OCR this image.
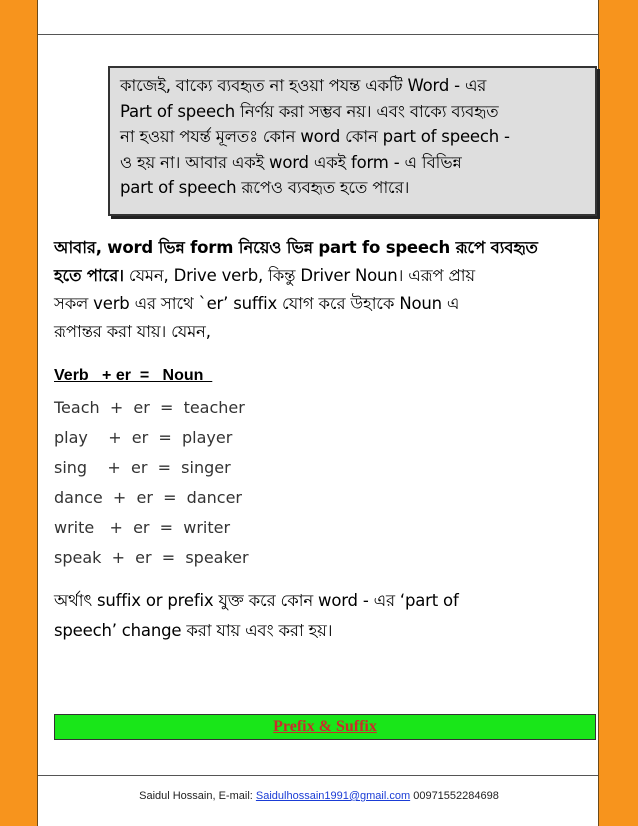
কাজেই, বাক্যে ব্যবহৃত না হওয়া পযন্ত একটি Word - এর

Part of speech নির্ণয় করা সম্ভব নয়। এবং বাক্যে ব্যবহৃত

না হওয়া পযর্ন্ত মূলতঃ কোন word কোন part of speech -

ও হয় না। আবার একই word একই form - এ বিভিন্ন

part of speech রূপেও ব্যবহৃত হতে পারে।

আবার, word ভিন্ন form নিয়েও ভিন্ন part fo speech রূপে ব্যবহৃত

হতে পারে। যেমন, Drive verb, কিন্তু Driver Noun। এরূপ প্রায়

সকল verb এর সাথে `er’ suffix যোগ করে উহাকে Noun এ

রূপান্তর করা যায়। যেমন,

Verb   + er  =   Noun

Teach  +  er  =  teacher
play    +  er  =  player
sing    +  er  =  singer
dance  +  er  =  dancer
write   +  er  =  writer
speak  +  er  =  speaker

অর্থাৎ suffix or prefix যুক্ত করে কোন word - এর ‘part of

speech’ change করা যায় এবং করা হয়।

Prefix & Suffix
Saidul Hossain, E-mail: Saidulhossain1991@gmail.com 00971552284698
